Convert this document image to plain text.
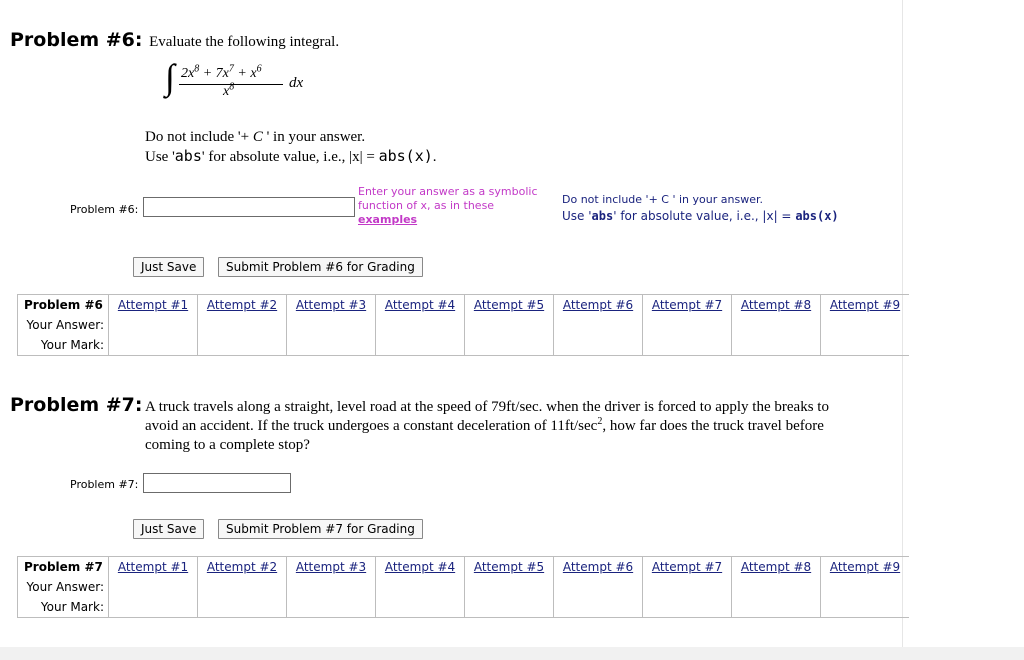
Problem #6: Evaluate the following integral.
∫ $2x^8 + 7x^7 + x^6$
$x^8$	dx
Do not include '+ C ' in your answer.
Use 'abs' for absolute value, i.e., |x| = abs(x).
Problem #6:
Enter your answer as a symbolic function of x, as in these
examples
Do not include '+ C ' in your answer.
Use 'abs' for absolute value, i.e., |x| = abs(x)
Just Save	Submit Problem #6 for Grading
Problem #6	Attempt #1	Attempt #2	Attempt #3	Attempt #4	Attempt #5	Attempt #6	Attempt #7	Attempt #8	Attempt #9
Your Answer:									
Your Mark:									
Problem #7: A truck travels along a straight, level road at the speed of 79ft/sec. when the driver is forced to apply the breaks to
avoid an accident. If the truck undergoes a constant deceleration of $11ft/\sec^2$, how far does the truck travel before
coming to a complete stop?
Problem #7:
Just Save	Submit Problem #7 for Grading
Problem #7	Attempt #1	Attempt #2	Attempt #3	Attempt #4	Attempt #5	Attempt #6	Attempt #7	Attempt #8	Attempt #9
Your Answer:									
Your Mark:									
